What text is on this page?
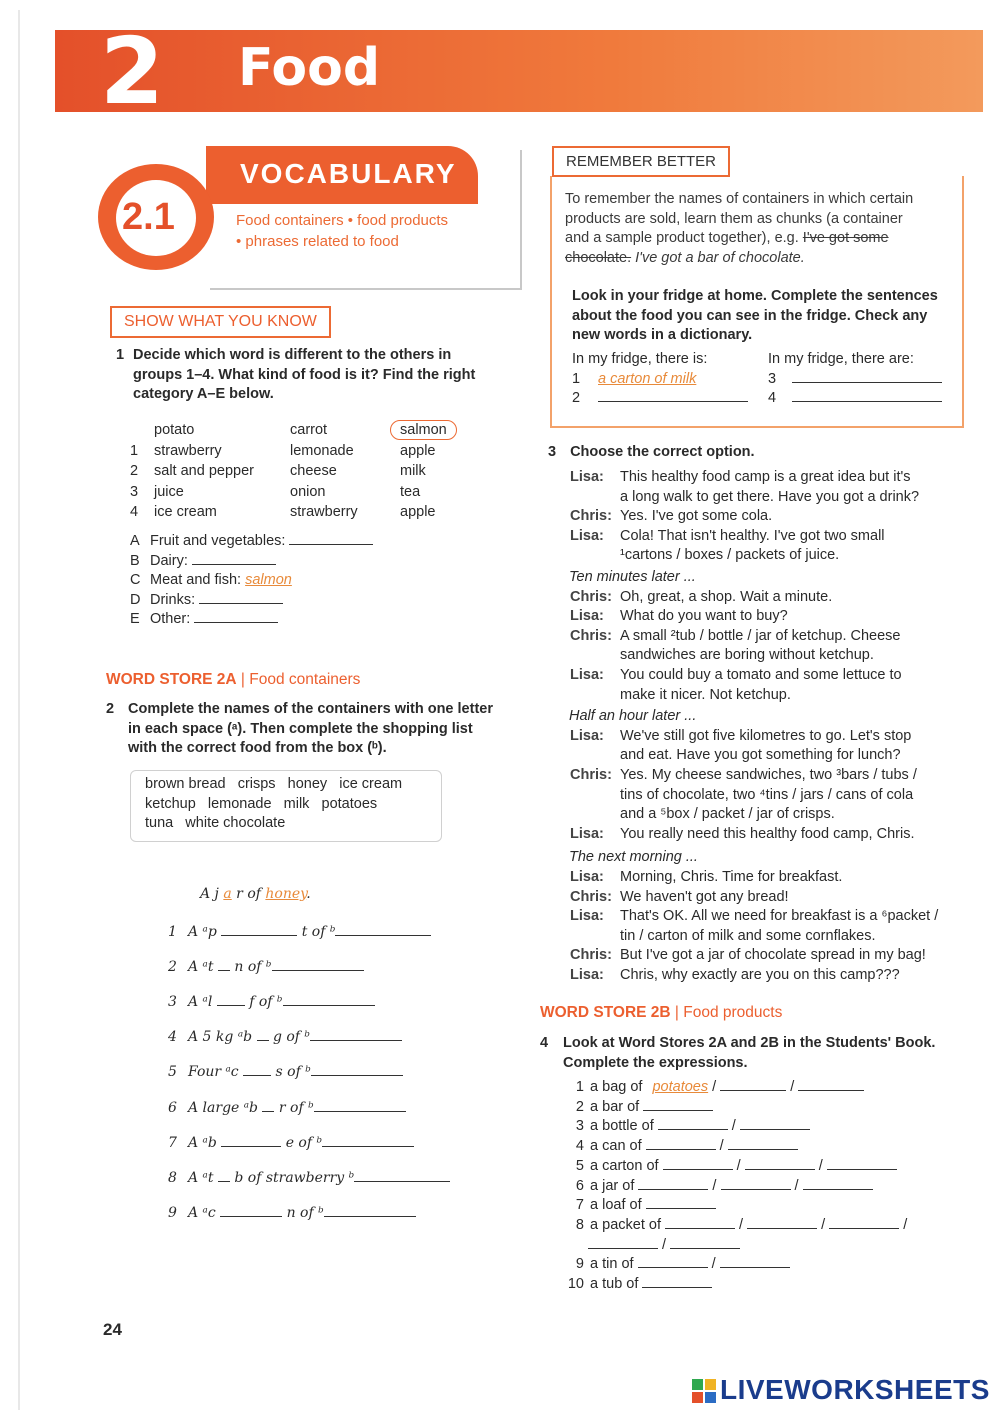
2 Food
VOCABULARY
2.1	Food containers • food products
• phrases related to food
SHOW WHAT YOU KNOW
1 Decide which word is different to the others in
groups 1–4. What kind of food is it? Find the right
category A–E below.
	potato	carrot	salmon
1	strawberry	lemonade	apple
2	salt and pepper	cheese	milk
3	juice	onion	tea
4	ice cream	strawberry	apple
A Fruit and vegetables:
B Dairy:
C Meat and fish: salmon
D Drinks:
E Other:
WORD STORE 2A | Food containers
2 Complete the names of the containers with one letter
in each space (ᵃ). Then complete the shopping list
with the correct food from the box (ᵇ).
brown bread   crisps   honey   ice cream
ketchup   lemonade   milk   potatoes
tuna   white chocolate
A j a r of honey.
1 A ᵃp	t of ᵇ
2 A ᵃt n of ᵇ
3 A ᵃl	f of ᵇ
4 A 5 kg ᵃb g of ᵇ
5 Four ᵃc	s of ᵇ
6 A large ᵃb r of ᵇ
7 A ᵃb	e of ᵇ
8 A ᵃt b of strawberry ᵇ
9 A ᵃc	n of ᵇ
REMEMBER BETTER
To remember the names of containers in which certain
products are sold, learn them as chunks (a container
and a sample product together), e.g. I've got some
chocolate. I've got a bar of chocolate.
Look in your fridge at home. Complete the sentences
about the food you can see in the fridge. Check any
new words in a dictionary.
In my fridge, there is:	In my fridge, there are:
1 a carton of milk
2
3
4
3 Choose the correct option.
Lisa: This healthy food camp is a great idea but it's
a long walk to get there. Have you got a drink?
Chris: Yes. I've got some cola.
Lisa: Cola! That isn't healthy. I've got two small
¹cartons / boxes / packets of juice.
Ten minutes later ...
Chris: Oh, great, a shop. Wait a minute.
Lisa: What do you want to buy?
Chris: A small ²tub / bottle / jar of ketchup. Cheese
sandwiches are boring without ketchup.
Lisa: You could buy a tomato and some lettuce to
make it nicer. Not ketchup.
Half an hour later ...
Lisa: We've still got five kilometres to go. Let's stop
and eat. Have you got something for lunch?
Chris: Yes. My cheese sandwiches, two ³bars / tubs /
tins of chocolate, two ⁴tins / jars / cans of cola
and a ⁵box / packet / jar of crisps.
Lisa: You really need this healthy food camp, Chris.
The next morning ...
Lisa: Morning, Chris. Time for breakfast.
Chris: We haven't got any bread!
Lisa: That's OK. All we need for breakfast is a ⁶packet /
tin / carton of milk and some cornflakes.
Chris: But I've got a jar of chocolate spread in my bag!
Lisa: Chris, why exactly are you on this camp???
WORD STORE 2B | Food products
4	Look at Word Stores 2A and 2B in the Students' Book.
Complete the expressions.
1 a bag of potatoes /	/
2 a bar of
3 a bottle of	/
4 a can of	/
5 a carton of	/	/
6 a jar of	/	/
7 a loaf of
8 a packet of	/	/	/
/
9 a tin of	/
10 a tub of
24
LIVEWORKSHEETS
